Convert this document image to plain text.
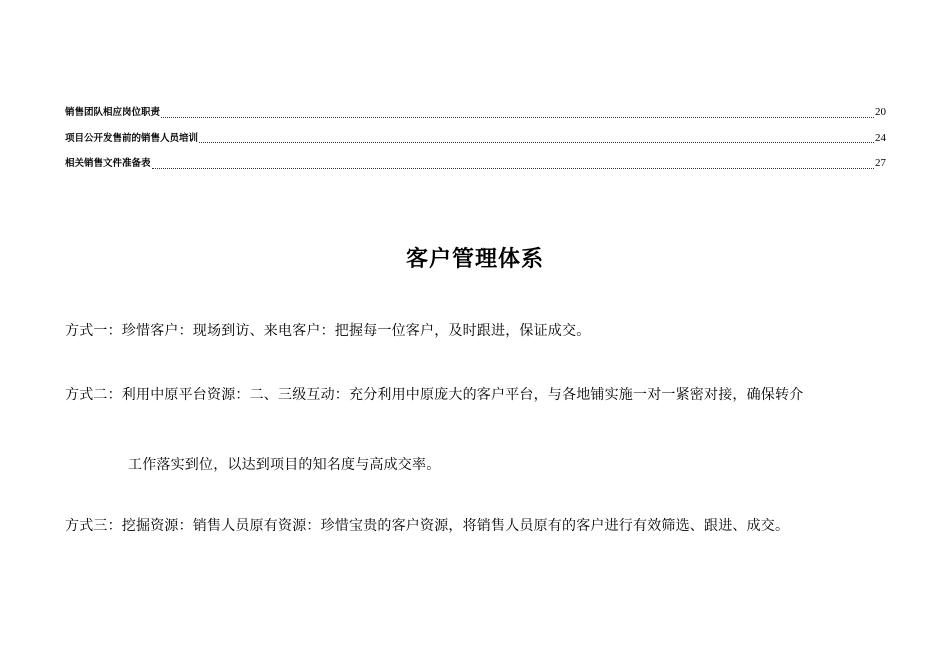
销售团队相应岗位职责	20
项目公开发售前的销售人员培训	24
相关销售文件准备表	27
客户管理体系
方式一：珍惜客户：现场到访、来电客户：把握每一位客户，及时跟进，保证成交。
方式二：利用中原平台资源：二、三级互动：充分利用中原庞大的客户平台，与各地铺实施一对一紧密对接，确保转介
工作落实到位，以达到项目的知名度与高成交率。
方式三：挖掘资源：销售人员原有资源：珍惜宝贵的客户资源，将销售人员原有的客户进行有效筛选、跟进、成交。
